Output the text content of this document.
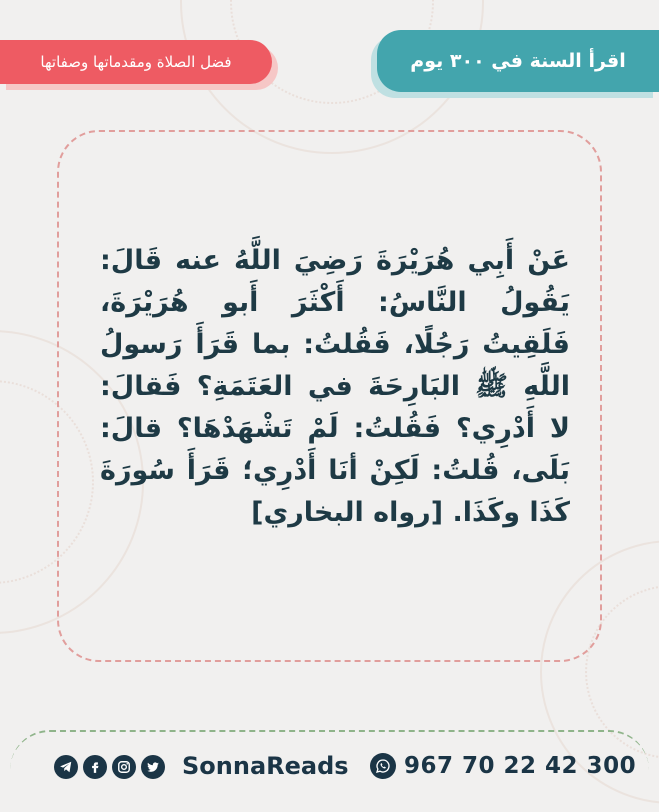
اقرأ السنة في ٣٠٠ يوم
فضل الصلاة ومقدماتها وصفاتها

عَنْ أَبِي هُرَيْرَةَ رَضِيَ اللَّهُ عنه قَالَ: يَقُولُ النَّاسُ: أَكْثَرَ أَبو هُرَيْرَةَ، فَلَقِيتُ رَجُلًا، فَقُلتُ: بما قَرَأَ رَسولُ اللَّهِ ﷺ البَارِحَةَ في العَتَمَةِ؟ فَقالَ: لا أَدْرِي؟ فَقُلتُ: لَمْ تَشْهَدْهَا؟ قالَ: بَلَى، قُلتُ: لَكِنْ أنَا أَدْرِي؛ قَرَأَ سُورَةَ كَذَا وكَذَا. [رواه البخاري]

SonnaReads 967 70 22 42 300
